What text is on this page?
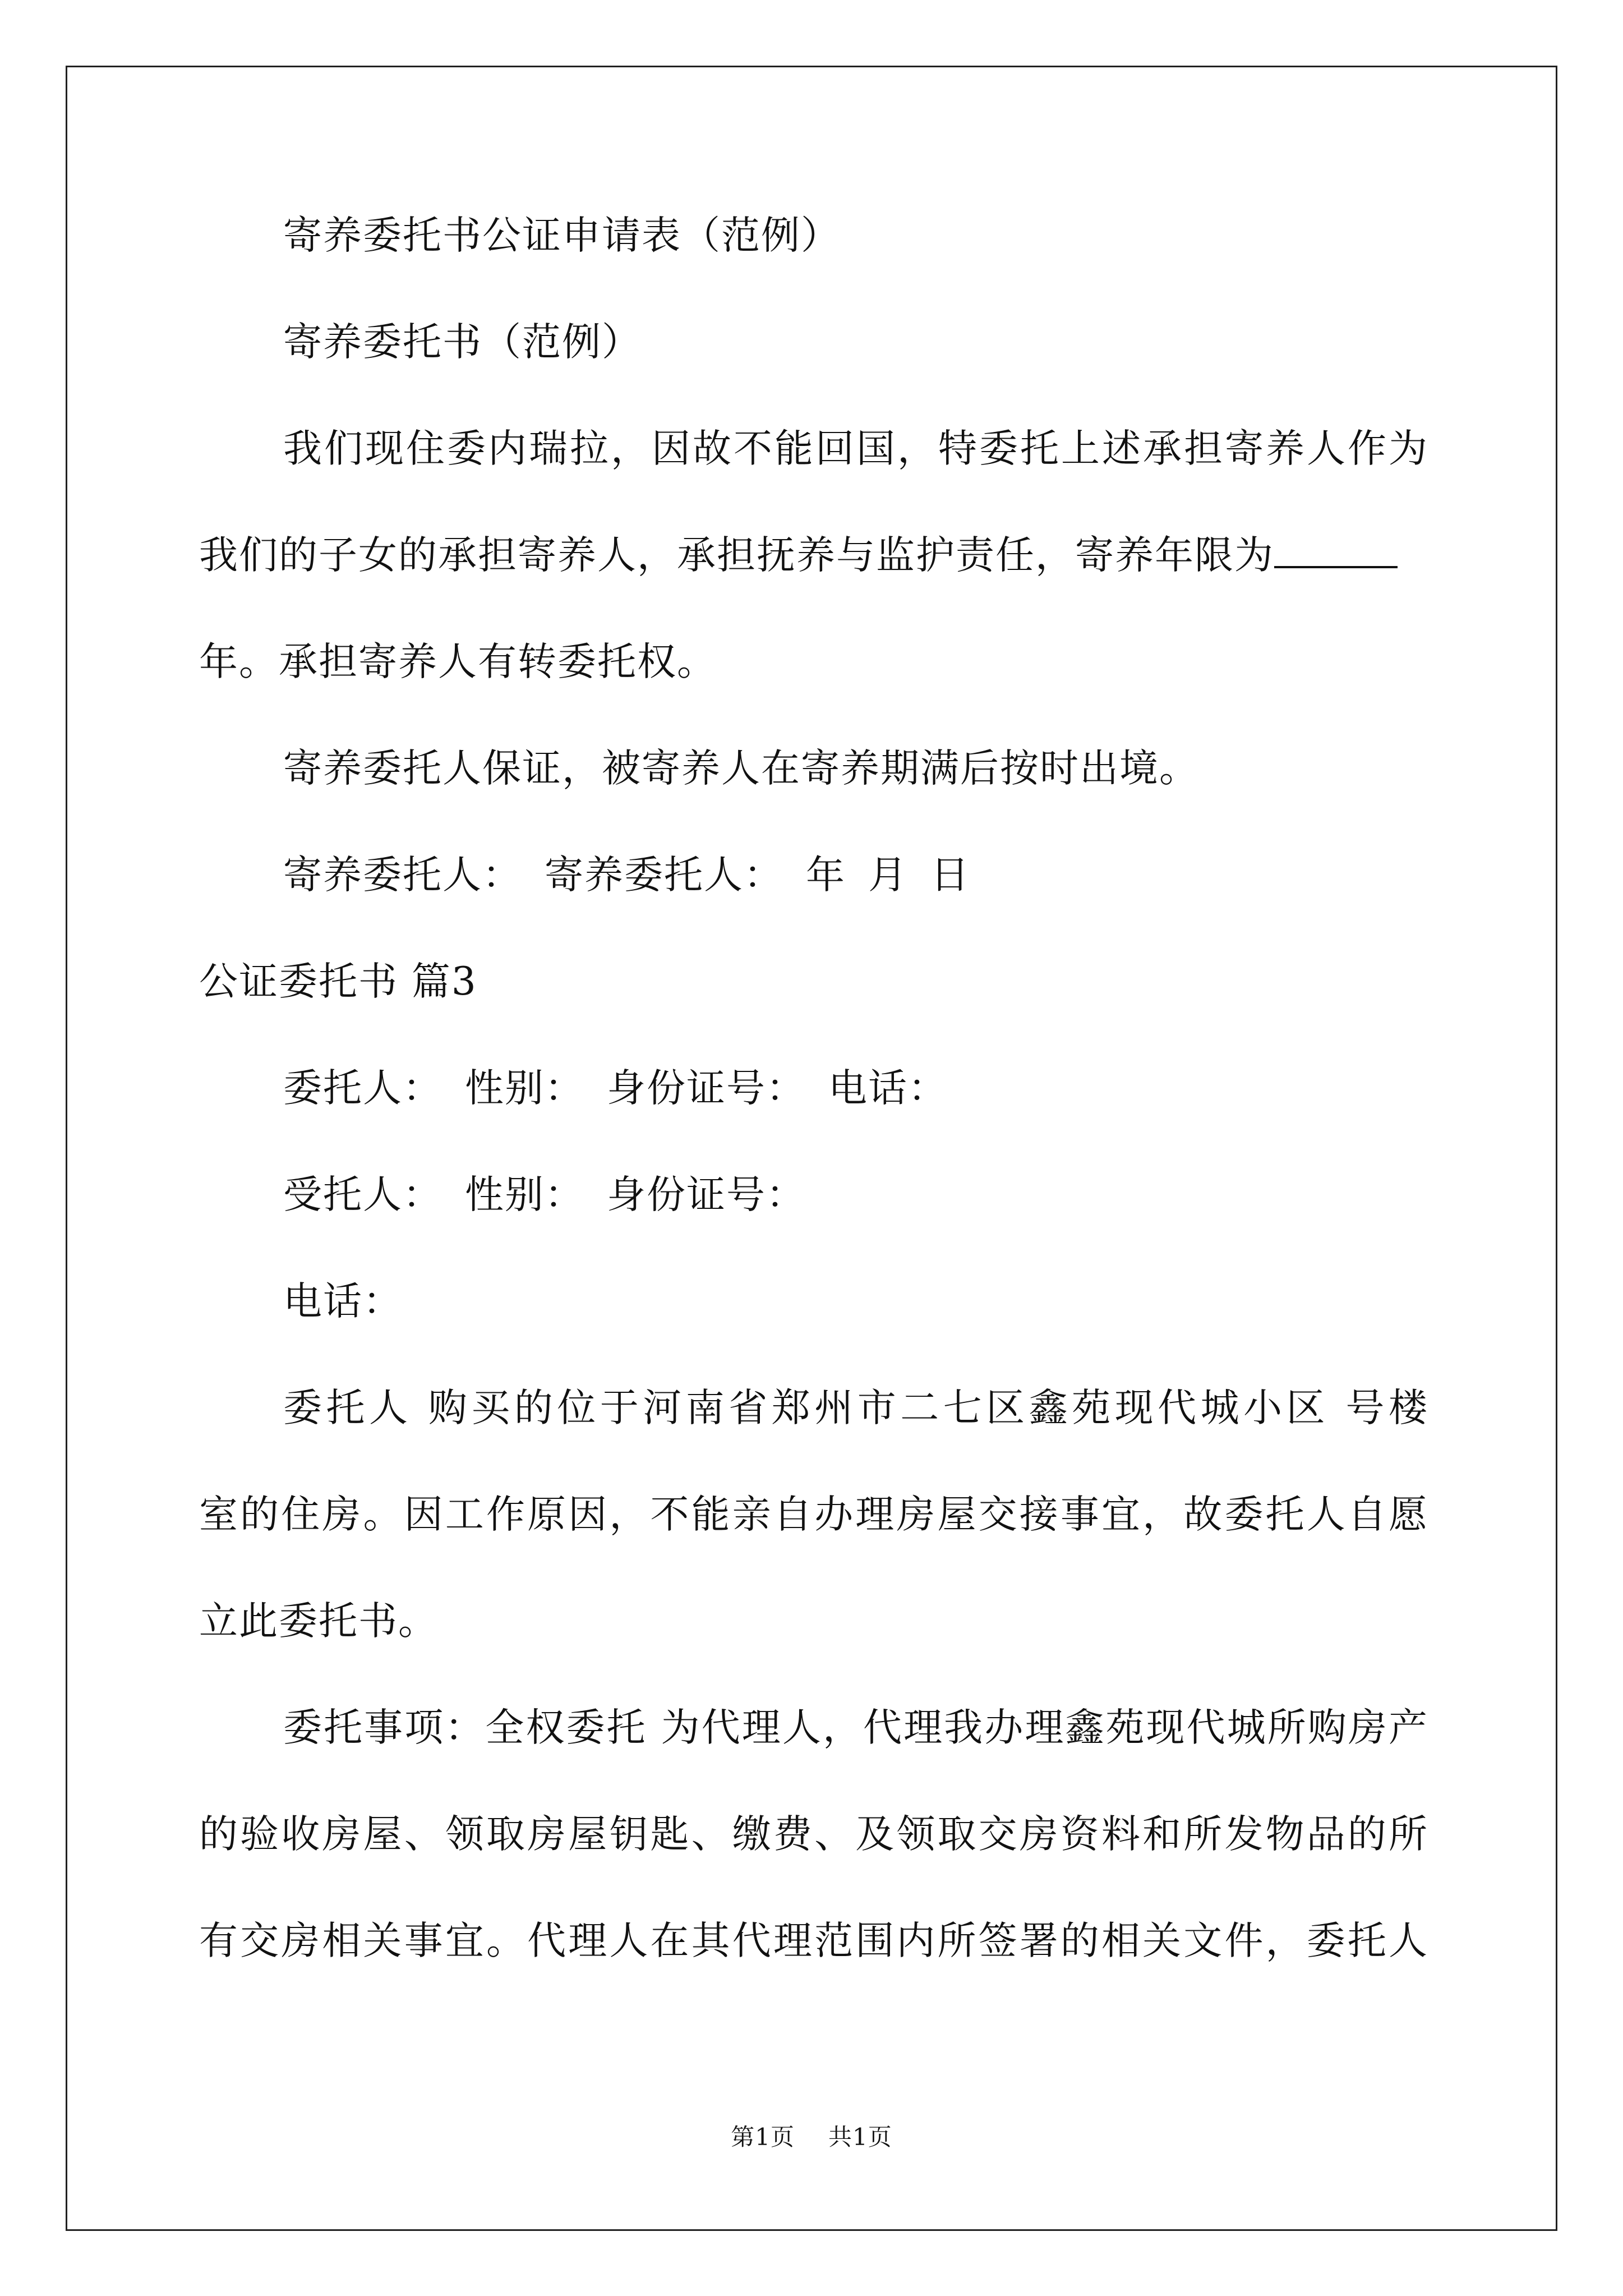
寄养委托书公证申请表（范例）
寄养委托书（范例）
我们现住委内瑞拉，因故不能回国，特委托上述承担寄养人作为
我们的子女的承担寄养人，承担抚养与监护责任，寄养年限为
年。承担寄养人有转委托权。
寄养委托人保证，被寄养人在寄养期满后按时出境。
寄养委托人： 寄养委托人： 年 月 日
公证委托书 篇3
委托人： 性别： 身份证号： 电话：
受托人： 性别： 身份证号：
电话：
委托人 购买的位于河南省郑州市二七区鑫苑现代城小区 号楼
室的住房。因工作原因，不能亲自办理房屋交接事宜，故委托人自愿
立此委托书。
委托事项：全权委托 为代理人，代理我办理鑫苑现代城所购房产
的验收房屋、领取房屋钥匙、缴费、及领取交房资料和所发物品的所
有交房相关事宜。代理人在其代理范围内所签署的相关文件，委托人
第1页 共1页
